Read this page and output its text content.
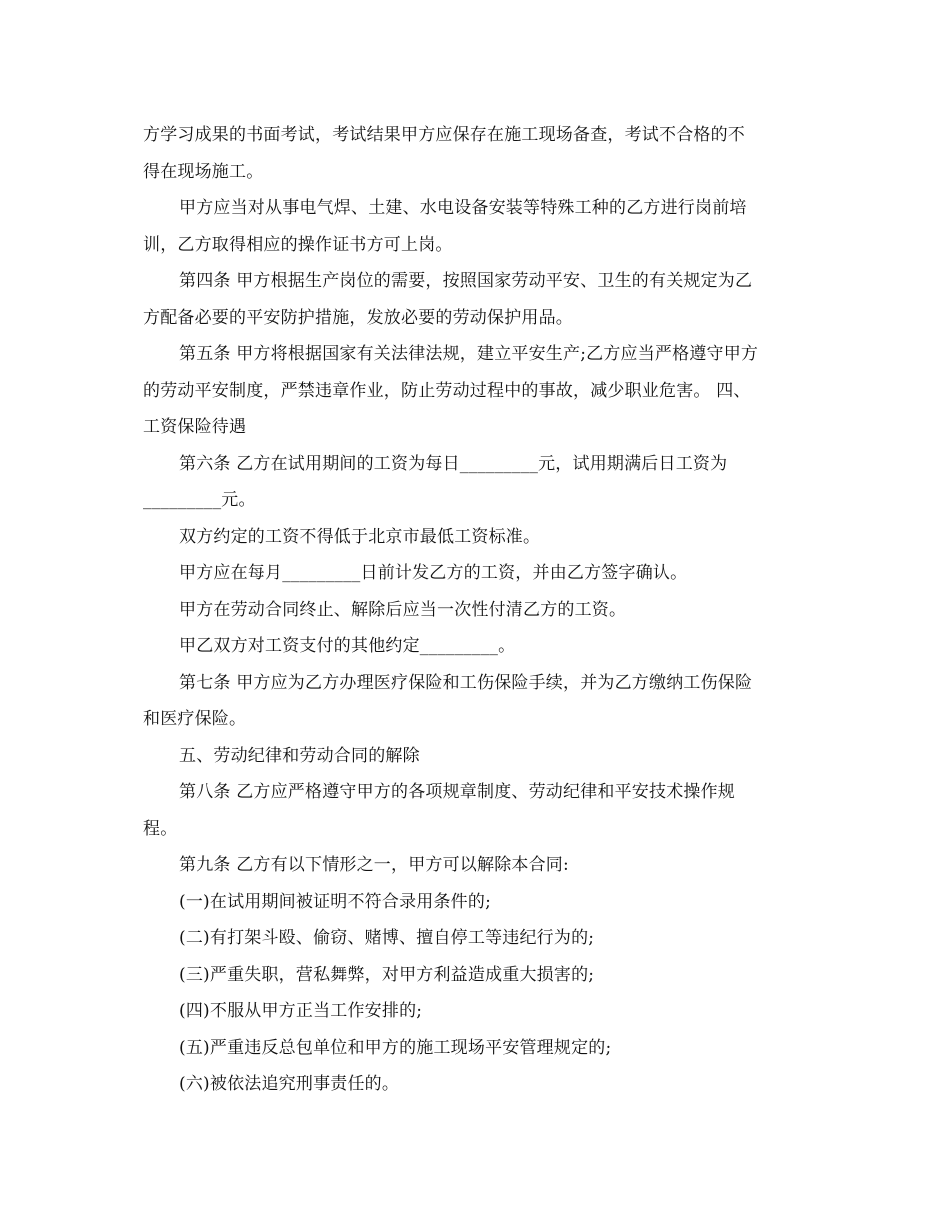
方学习成果的书面考试，考试结果甲方应保存在施工现场备查，考试不合格的不
得在现场施工。
甲方应当对从事电气焊、土建、水电设备安装等特殊工种的乙方进行岗前培
训，乙方取得相应的操作证书方可上岗。
第四条 甲方根据生产岗位的需要，按照国家劳动平安、卫生的有关规定为乙
方配备必要的平安防护措施，发放必要的劳动保护用品。
第五条 甲方将根据国家有关法律法规，建立平安生产;乙方应当严格遵守甲方
的劳动平安制度，严禁违章作业，防止劳动过程中的事故，减少职业危害。 四、
工资保险待遇
第六条 乙方在试用期间的工资为每日_________元，试用期满后日工资为
_________元。
双方约定的工资不得低于北京市最低工资标准。
甲方应在每月_________日前计发乙方的工资，并由乙方签字确认。
甲方在劳动合同终止、解除后应当一次性付清乙方的工资。
甲乙双方对工资支付的其他约定_________。
第七条 甲方应为乙方办理医疗保险和工伤保险手续，并为乙方缴纳工伤保险
和医疗保险。
五、劳动纪律和劳动合同的解除
第八条 乙方应严格遵守甲方的各项规章制度、劳动纪律和平安技术操作规
程。
第九条 乙方有以下情形之一，甲方可以解除本合同:
(一)在试用期间被证明不符合录用条件的;
(二)有打架斗殴、偷窃、赌博、擅自停工等违纪行为的;
(三)严重失职，营私舞弊，对甲方利益造成重大损害的;
(四)不服从甲方正当工作安排的;
(五)严重违反总包单位和甲方的施工现场平安管理规定的;
(六)被依法追究刑事责任的。
